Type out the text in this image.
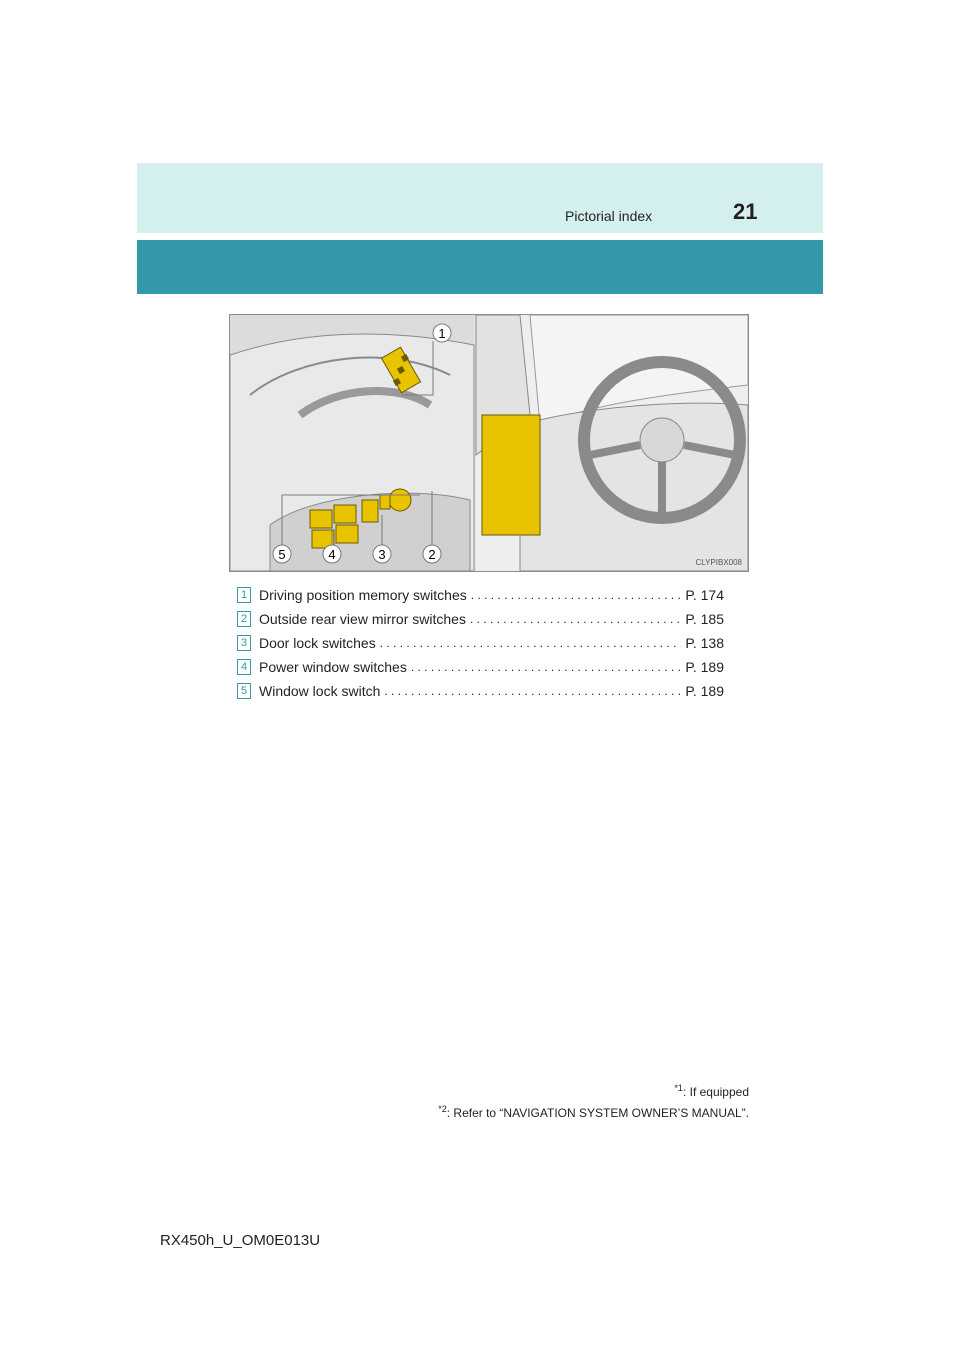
Pictorial index	21
1
2
3
4
5
CLYPIBX008
1 Driving position memory switches . . .	P. 174
2 Outside rear view mirror switches . . .	P. 185
3 Door lock switches . . .	P. 138
4 Power window switches . . .	P. 189
5 Window lock switch . . .	P. 189
$^{*1}$: If equipped
$^{*2}$: Refer to “NAVIGATION SYSTEM OWNER’S MANUAL”.
RX450h_U_OM0E013U
